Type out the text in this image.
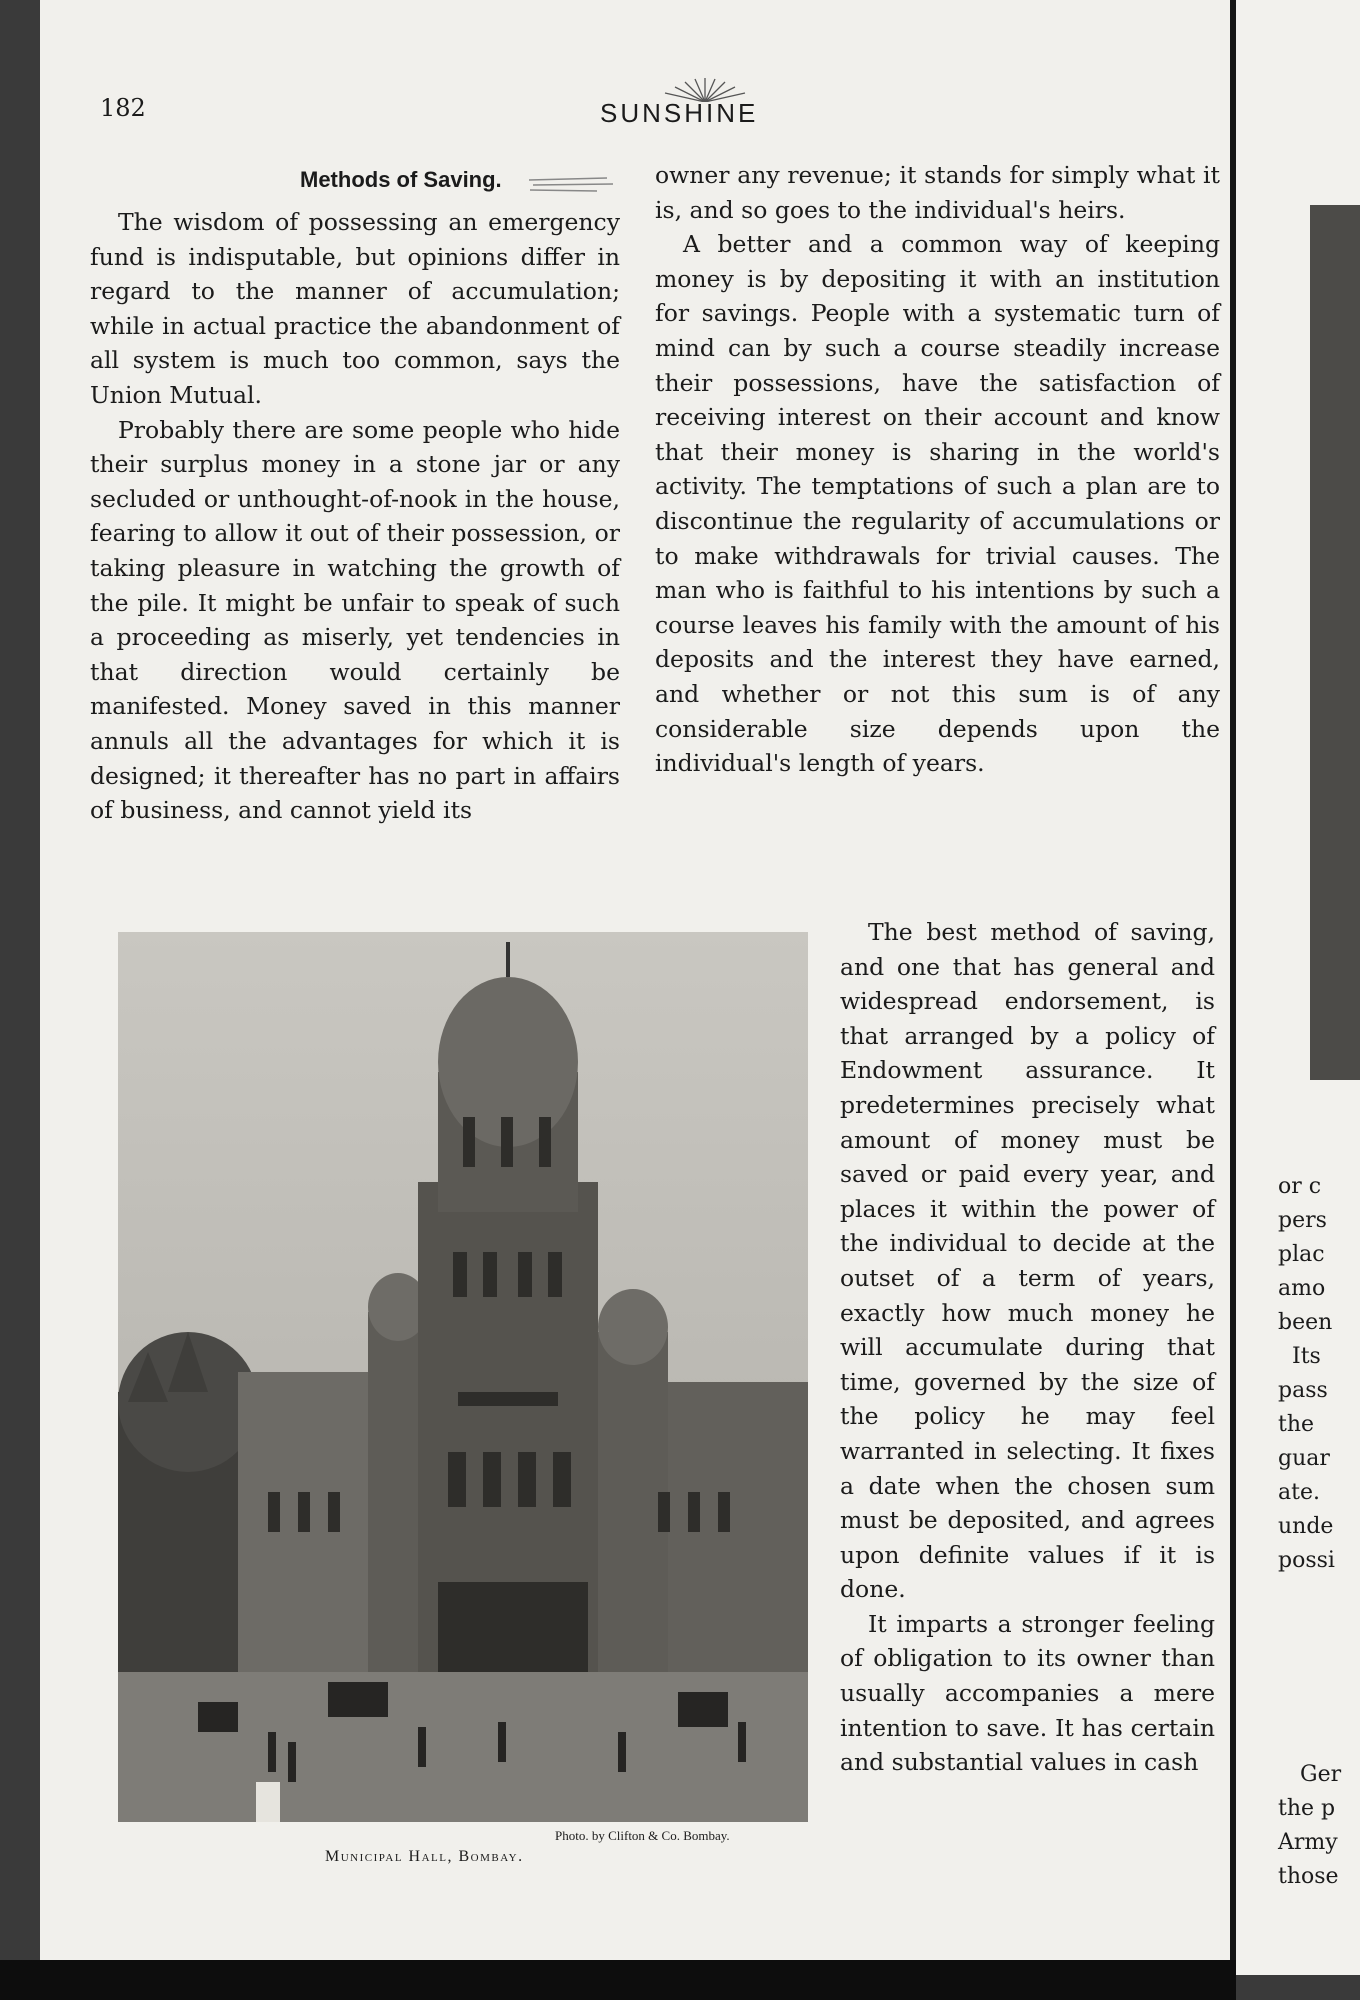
182	SUNSHINE
Methods of Saving.

The wisdom of possessing an emergency fund is indisputable, but opinions differ in regard to the manner of accumulation; while in actual practice the abandonment of all system is much too common, says the Union Mutual.

Probably there are some people who hide their surplus money in a stone jar or any secluded or unthought-of-nook in the house, fearing to allow it out of their possession, or taking pleasure in watching the growth of the pile. It might be unfair to speak of such a proceeding as miserly, yet tendencies in that direction would certainly be manifested. Money saved in this manner annuls all the advantages for which it is designed; it thereafter has no part in affairs of business, and cannot yield its

owner any revenue; it stands for simply what it is, and so goes to the individual's heirs.

A better and a common way of keeping money is by depositing it with an institution for savings. People with a systematic turn of mind can by such a course steadily increase their possessions, have the satisfaction of receiving interest on their account and know that their money is sharing in the world's activity. The temptations of such a plan are to discontinue the regularity of accumulations or to make withdrawals for trivial causes. The man who is faithful to his intentions by such a course leaves his family with the amount of his deposits and the interest they have earned, and whether or not this sum is of any considerable size depends upon the individual's length of years.

The best method of saving, and one that has general and widespread endorsement, is that arranged by a policy of Endowment assurance. It predetermines precisely what amount of money must be saved or paid every year, and places it within the power of the individual to decide at the outset of a term of years, exactly how much money he will accumulate during that time, governed by the size of the policy he may feel warranted in selecting. It fixes a date when the chosen sum must be deposited, and agrees upon definite values if it is done.

It imparts a stronger feeling of obligation to its owner than usually accompanies a mere intention to save. It has certain and substantial values in cash

Photo. by Clifton & Co. Bombay.
Municipal Hall, Bombay.
or c
pers
plac
amo
been
Its
pass
the
guar
ate.
unde
possi
Ger
the p
Army
those
